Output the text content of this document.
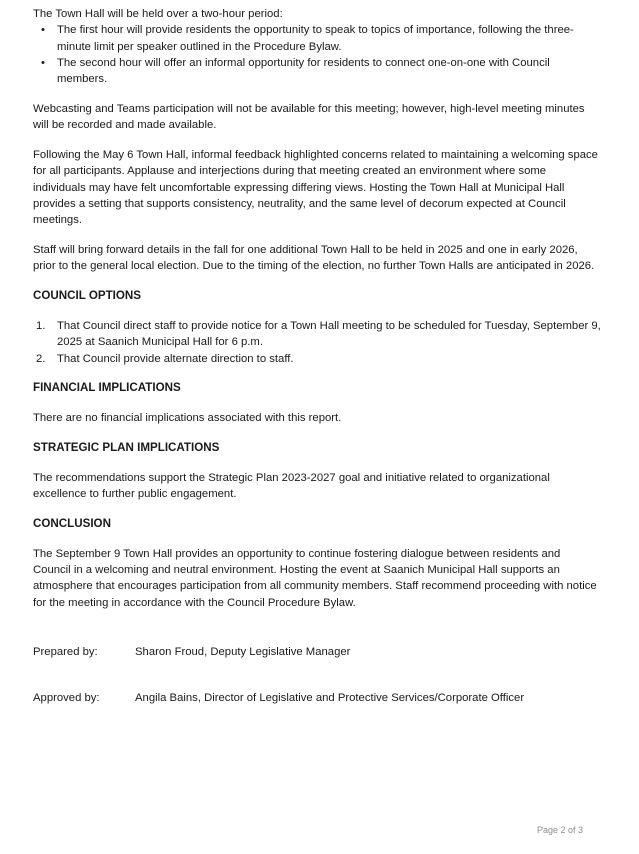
The Town Hall will be held over a two-hour period:

•	The first hour will provide residents the opportunity to speak to topics of importance, following the three-minute limit per speaker outlined in the Procedure Bylaw.
•	The second hour will offer an informal opportunity for residents to connect one-on-one with Council members.

Webcasting and Teams participation will not be available for this meeting; however, high-level meeting minutes will be recorded and made available.

Following the May 6 Town Hall, informal feedback highlighted concerns related to maintaining a welcoming space for all participants. Applause and interjections during that meeting created an environment where some individuals may have felt uncomfortable expressing differing views. Hosting the Town Hall at Municipal Hall provides a setting that supports consistency, neutrality, and the same level of decorum expected at Council meetings.

Staff will bring forward details in the fall for one additional Town Hall to be held in 2025 and one in early 2026, prior to the general local election. Due to the timing of the election, no further Town Halls are anticipated in 2026.

COUNCIL OPTIONS
1.	That Council direct staff to provide notice for a Town Hall meeting to be scheduled for Tuesday, September 9, 2025 at Saanich Municipal Hall for 6 p.m.
2.	That Council provide alternate direction to staff.
FINANCIAL IMPLICATIONS

There are no financial implications associated with this report.

STRATEGIC PLAN IMPLICATIONS

The recommendations support the Strategic Plan 2023-2027 goal and initiative related to organizational excellence to further public engagement.

CONCLUSION

The September 9 Town Hall provides an opportunity to continue fostering dialogue between residents and Council in a welcoming and neutral environment. Hosting the event at Saanich Municipal Hall supports an atmosphere that encourages participation from all community members. Staff recommend proceeding with notice for the meeting in accordance with the Council Procedure Bylaw.

Prepared by:	Sharon Froud, Deputy Legislative Manager
Approved by:	Angila Bains, Director of Legislative and Protective Services/Corporate Officer
Page 2 of 3
